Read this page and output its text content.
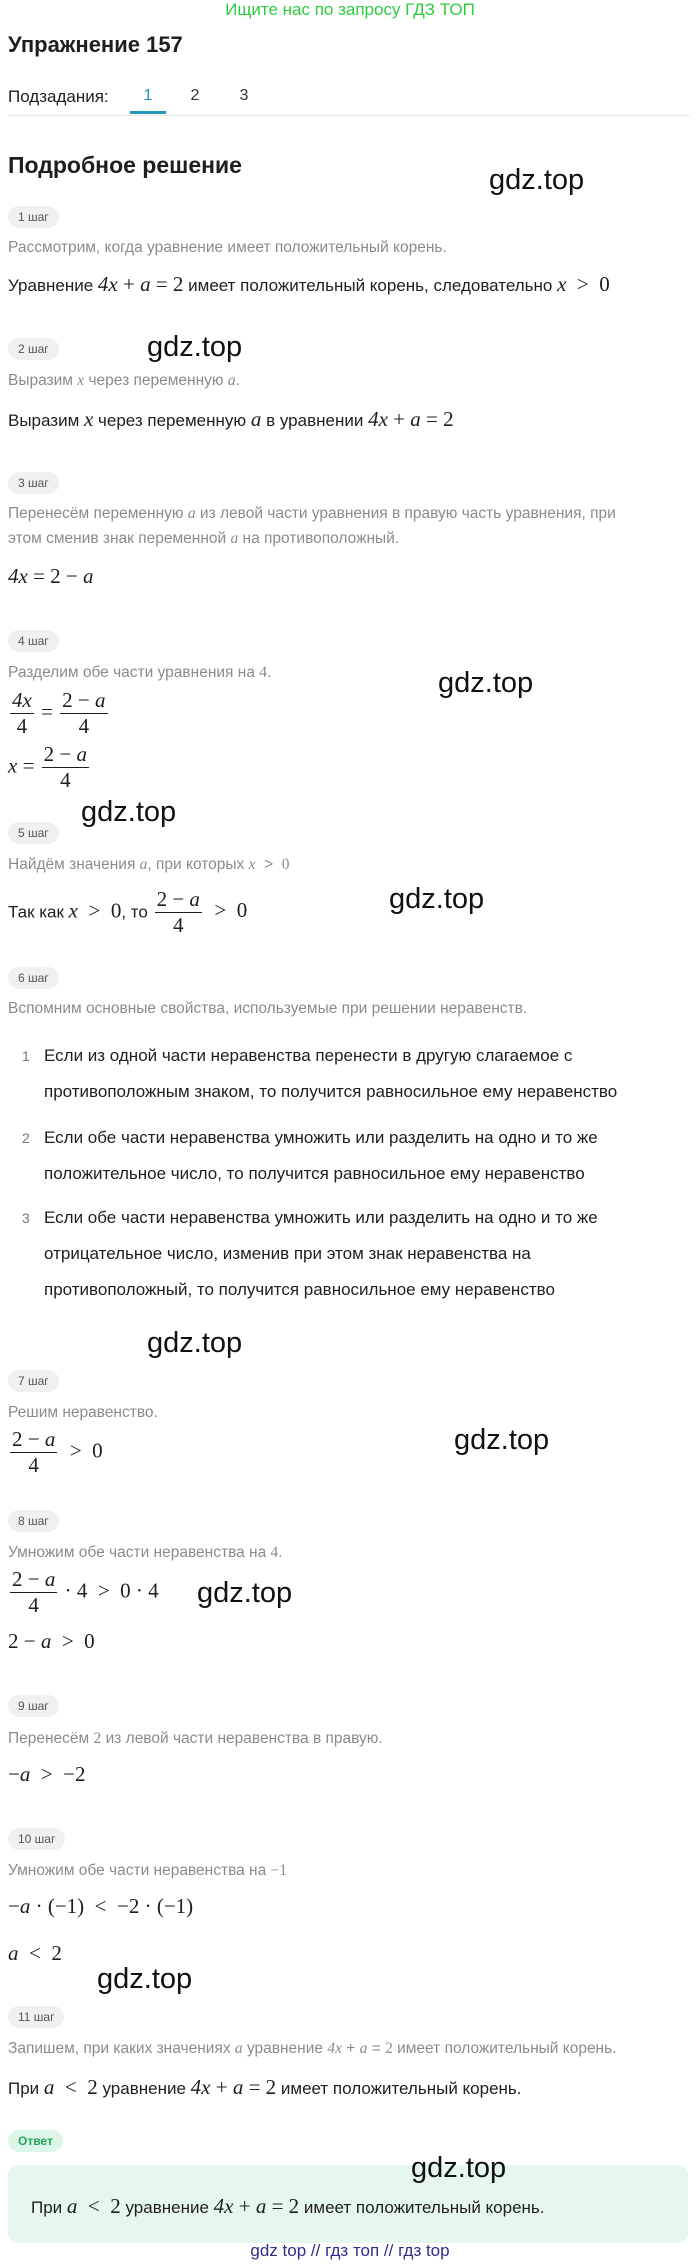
Ищите нас по запросу ГДЗ ТОП
Упражнение 157
Подзадания:	1	2	3
Подробное решение	gdz.top
gdz.top
gdz.top
gdz.top
gdz.top
gdz.top
gdz.top
gdz.top
gdz.top
1 шаг
Рассмотрим, когда уравнение имеет положительный корень.
Уравнение 4x + a = 2 имеет положительный корень, следовательно x  >  0
2 шаг
Выразим x через переменную a.
Выразим x через переменную a в уравнении 4x + a = 2
3 шаг
Перенесём переменную a из левой части уравнения в правую часть уравнения, при
этом сменив знак переменной a на противоположный.
4x = 2 − a
4 шаг
Разделим обе части уравнения на 4.
$\frac{4x}{4} = \frac{2 - a}{4}$
$x = \frac{2 - a}{4}$
5 шаг
Найдём значения a, при которых x  >  0
Так как x  >  0, то $\frac{2 - a}{4} > 0$
6 шаг
Вспомним основные свойства, используемые при решении неравенств.
1 Если из одной части неравенства перенести в другую слагаемое с
противоположным знаком, то получится равносильное ему неравенство
2 Если обе части неравенства умножить или разделить на одно и то же
положительное число, то получится равносильное ему неравенство
3 Если обе части неравенства умножить или разделить на одно и то же
отрицательное число, изменив при этом знак неравенства на
противоположный, то получится равносильное ему неравенство
7 шаг
Решим неравенство.
$\frac{2 - a}{4} > 0$
8 шаг
Умножим обе части неравенства на 4.
$\frac{2 - a}{4} \cdot 4 > 0 \cdot 4$
2 − a  >  0
9 шаг
Перенесём 2 из левой части неравенства в правую.
−a  >  −2
10 шаг
Умножим обе части неравенства на −1
−a · (−1)  <  −2 · (−1)
a  <  2
11 шаг
Запишем, при каких значениях a уравнение 4x + a = 2 имеет положительный корень.
При a  <  2 уравнение 4x + a = 2 имеет положительный корень.
Ответ
gdz.top
При a  <  2 уравнение 4x + a = 2 имеет положительный корень.
gdz top // гдз топ // гдз top
